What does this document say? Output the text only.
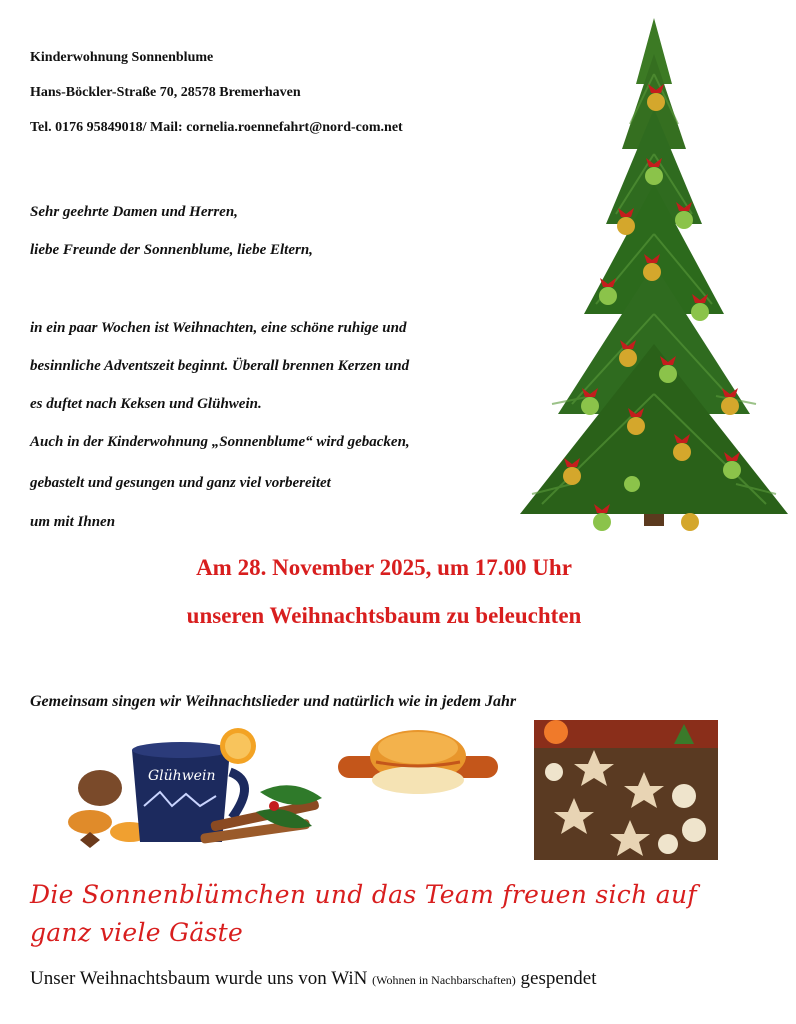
Kinderwohnung Sonnenblume
Hans-Böckler-Straße 70, 28578 Bremerhaven
Tel. 0176 95849018/ Mail: cornelia.roennefahrt@nord-com.net
Sehr geehrte Damen und Herren,
liebe Freunde der Sonnenblume, liebe Eltern,
in ein paar Wochen ist Weihnachten, eine schöne ruhige und
besinnliche Adventszeit beginnt. Überall brennen Kerzen und
es duftet nach Keksen und Glühwein.
Auch in der Kinderwohnung „Sonnenblume“ wird gebacken,
gebastelt und gesungen und ganz viel vorbereitet
um mit Ihnen
Am 28. November 2025, um 17.00 Uhr
unseren Weihnachtsbaum zu beleuchten
Gemeinsam singen wir Weihnachtslieder und natürlich wie in jedem Jahr
Glühwein
Die Sonnenblümchen und das Team freuen sich auf
ganz viele Gäste
Unser Weihnachtsbaum wurde uns von WiN (Wohnen in Nachbarschaften) gespendet
